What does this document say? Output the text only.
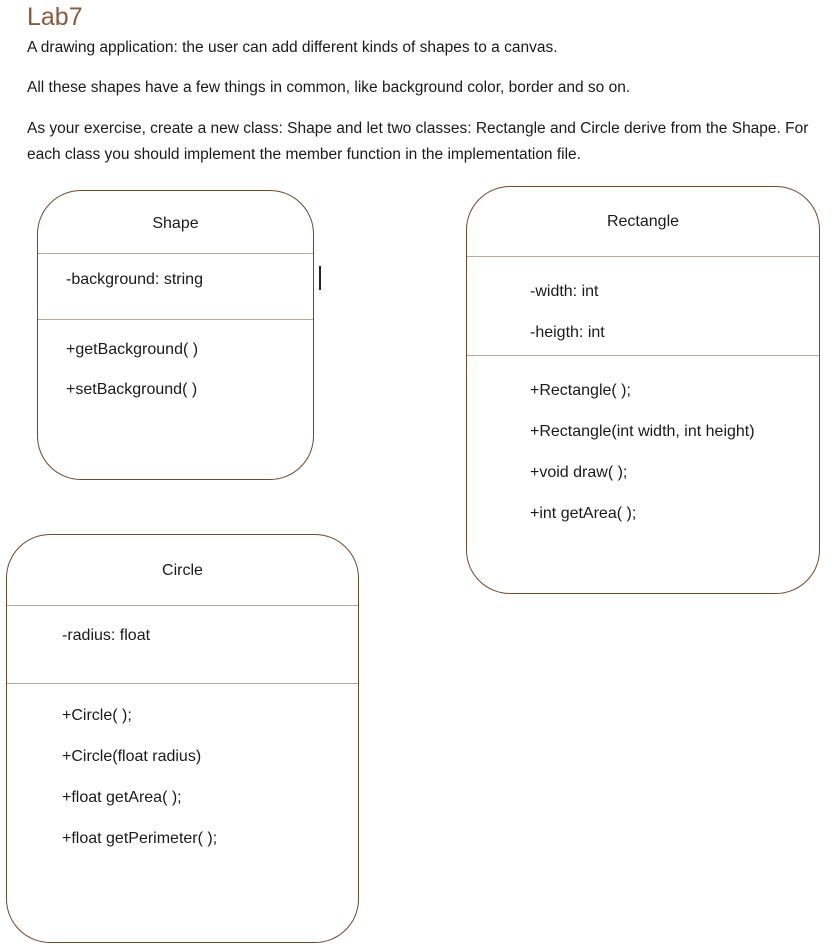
Lab7
A drawing application: the user can add different kinds of shapes to a canvas.
All these shapes have a few things in common, like background color, border and so on.
As your exercise, create a new class: Shape and let two classes: Rectangle and Circle derive from the Shape. For each class you should implement the member function in the implementation file.
Shape
-background: string
+getBackground( )
+setBackground( )
Rectangle
-width: int
-heigth: int
+Rectangle( );
+Rectangle(int width, int height)
+void draw( );
+int getArea( );
Circle
-radius: float
+Circle( );
+Circle(float radius)
+float getArea( );
+float getPerimeter( );
